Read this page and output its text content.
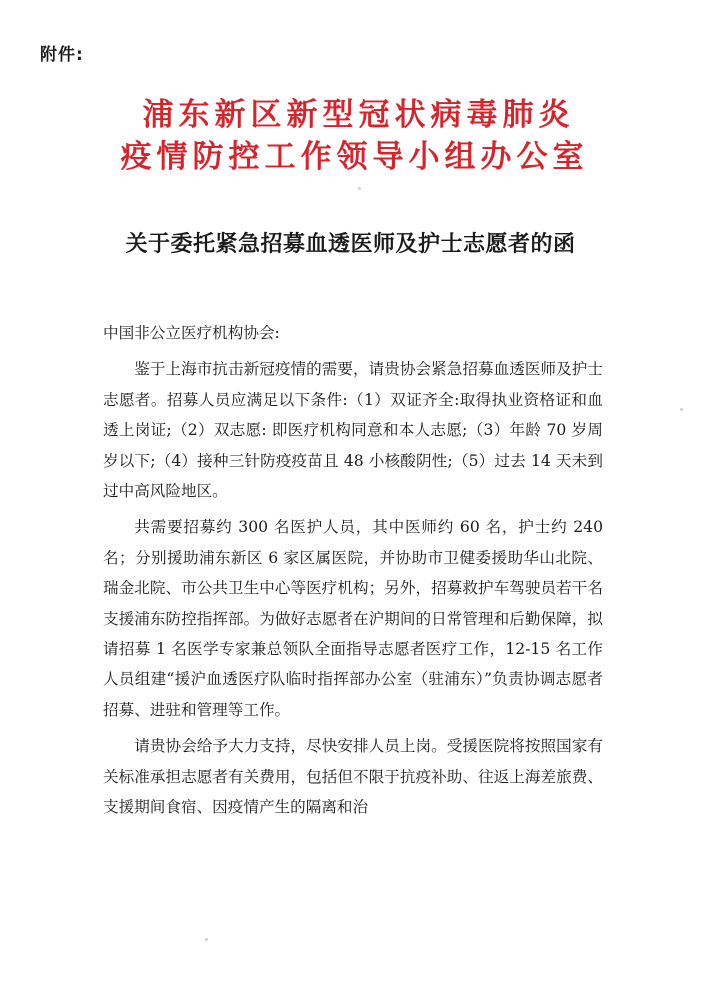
附件:
浦东新区新型冠状病毒肺炎
疫情防控工作领导小组办公室
关于委托紧急招募血透医师及护士志愿者的函

中国非公立医疗机构协会:

鉴于上海市抗击新冠疫情的需要，请贵协会紧急招募血透医师及护士志愿者。招募人员应满足以下条件:（1）双证齐全:取得执业资格证和血透上岗证;（2）双志愿: 即医疗机构同意和本人志愿;（3）年龄 70 岁周岁以下;（4）接种三针防疫疫苗且 48 小核酸阴性;（5）过去 14 天未到过中高风险地区。

共需要招募约 300 名医护人员，其中医师约 60 名，护士约 240 名；分别援助浦东新区 6 家区属医院，并协助市卫健委援助华山北院、瑞金北院、市公共卫生中心等医疗机构；另外，招募救护车驾驶员若干名支援浦东防控指挥部。为做好志愿者在沪期间的日常管理和后勤保障，拟请招募 1 名医学专家兼总领队全面指导志愿者医疗工作，12-15 名工作人员组建“援沪血透医疗队临时指挥部办公室（驻浦东）”负责协调志愿者招募、进驻和管理等工作。

请贵协会给予大力支持，尽快安排人员上岗。受援医院将按照国家有关标准承担志愿者有关费用，包括但不限于抗疫补助、往返上海差旅费、支援期间食宿、因疫情产生的隔离和治
